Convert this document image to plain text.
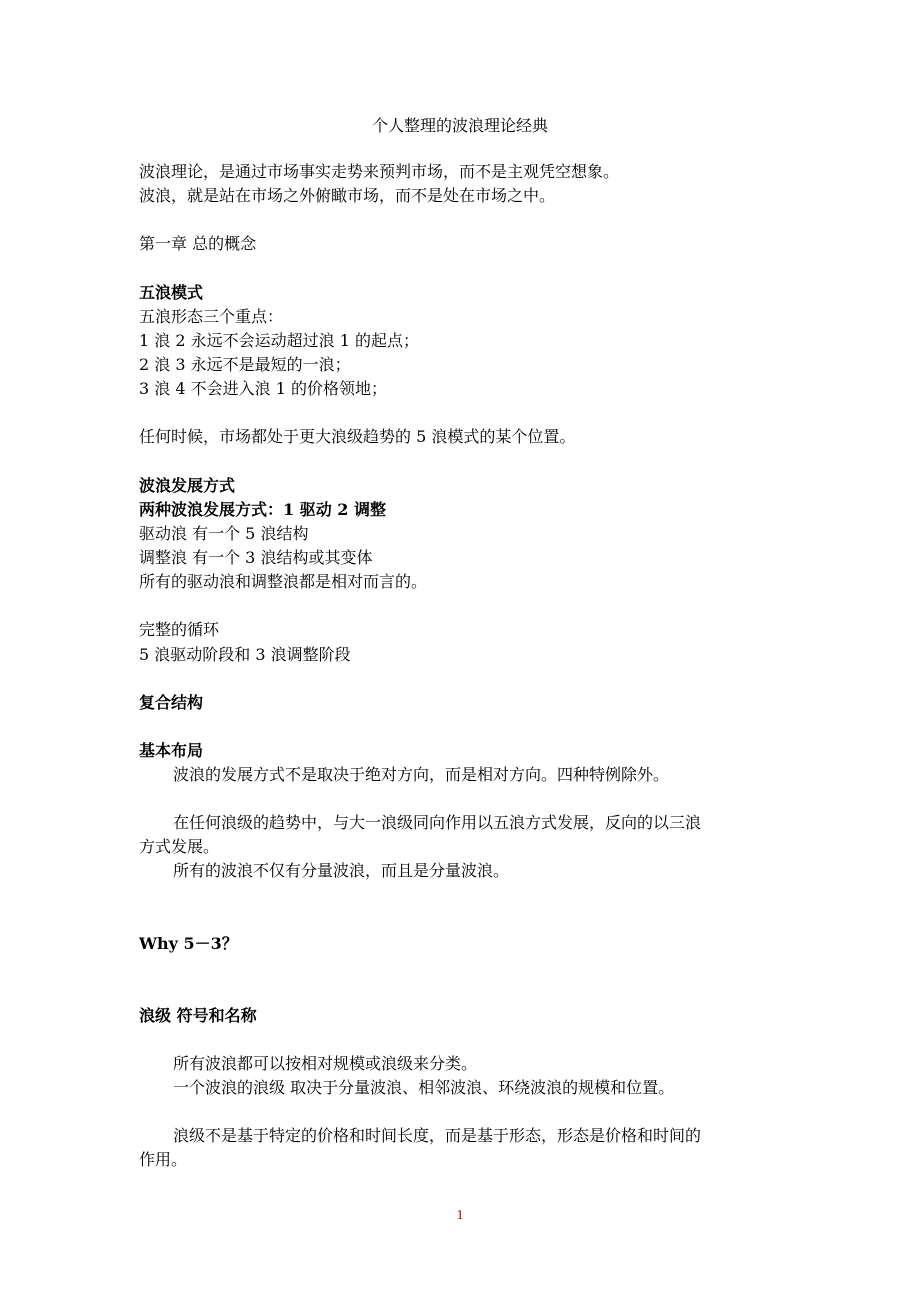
个人整理的波浪理论经典
波浪理论，是通过市场事实走势来预判市场，而不是主观凭空想象。
波浪，就是站在市场之外俯瞰市场，而不是处在市场之中。
第一章 总的概念
五浪模式
五浪形态三个重点：
1 浪 2 永远不会运动超过浪 1 的起点；
2 浪 3 永远不是最短的一浪；
3 浪 4 不会进入浪 1 的价格领地；
任何时候，市场都处于更大浪级趋势的 5 浪模式的某个位置。
波浪发展方式
两种波浪发展方式：1 驱动 2 调整
驱动浪 有一个 5 浪结构
调整浪 有一个 3 浪结构或其变体
所有的驱动浪和调整浪都是相对而言的。
完整的循环
5 浪驱动阶段和 3 浪调整阶段
复合结构
基本布局
波浪的发展方式不是取决于绝对方向，而是相对方向。四种特例除外。
在任何浪级的趋势中，与大一浪级同向作用以五浪方式发展，反向的以三浪
方式发展。
所有的波浪不仅有分量波浪，而且是分量波浪。
Why 5－3？
浪级 符号和名称
所有波浪都可以按相对规模或浪级来分类。
一个波浪的浪级 取决于分量波浪、相邻波浪、环绕波浪的规模和位置。
浪级不是基于特定的价格和时间长度，而是基于形态，形态是价格和时间的
作用。
1
